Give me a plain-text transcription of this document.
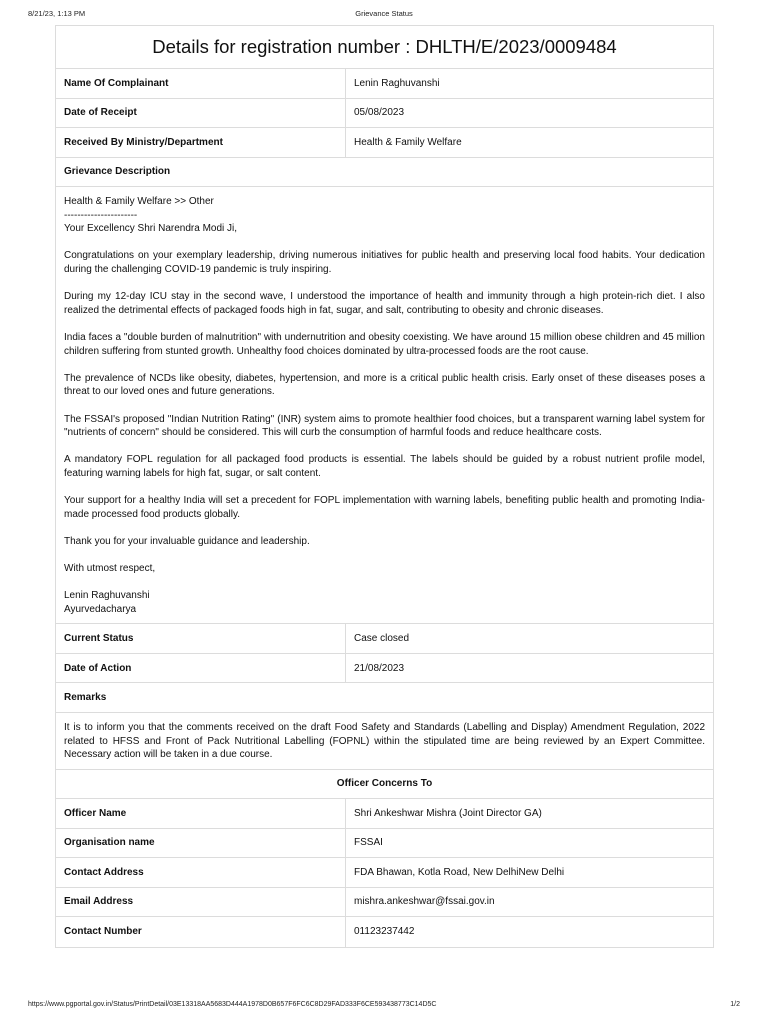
8/21/23, 1:13 PM	Grievance Status
Details for registration number : DHLTH/E/2023/0009484
Name Of Complainant	Lenin Raghuvanshi
Date of Receipt	05/08/2023
Received By Ministry/Department	Health & Family Welfare
Grievance Description

Health & Family Welfare >> Other

----------------------

Your Excellency Shri Narendra Modi Ji,

Congratulations on your exemplary leadership, driving numerous initiatives for public health and preserving local food habits. Your dedication during the challenging COVID-19 pandemic is truly inspiring.

During my 12-day ICU stay in the second wave, I understood the importance of health and immunity through a high protein-rich diet. I also realized the detrimental effects of packaged foods high in fat, sugar, and salt, contributing to obesity and chronic diseases.

India faces a "double burden of malnutrition" with undernutrition and obesity coexisting. We have around 15 million obese children and 45 million children suffering from stunted growth. Unhealthy food choices dominated by ultra-processed foods are the root cause.

The prevalence of NCDs like obesity, diabetes, hypertension, and more is a critical public health crisis. Early onset of these diseases poses a threat to our loved ones and future generations.

The FSSAI's proposed "Indian Nutrition Rating" (INR) system aims to promote healthier food choices, but a transparent warning label system for "nutrients of concern" should be considered. This will curb the consumption of harmful foods and reduce healthcare costs.

A mandatory FOPL regulation for all packaged food products is essential. The labels should be guided by a robust nutrient profile model, featuring warning labels for high fat, sugar, or salt content.

Your support for a healthy India will set a precedent for FOPL implementation with warning labels, benefiting public health and promoting India-made processed food products globally.

Thank you for your invaluable guidance and leadership.

With utmost respect,

Lenin Raghuvanshi

Ayurvedacharya

Current Status	Case closed
Date of Action	21/08/2023
Remarks
It is to inform you that the comments received on the draft Food Safety and Standards (Labelling and Display) Amendment Regulation, 2022 related to HFSS and Front of Pack Nutritional Labelling (FOPNL) within the stipulated time are being reviewed by an Expert Committee. Necessary action will be taken in a due course.
Officer Concerns To
Officer Name	Shri Ankeshwar Mishra (Joint Director GA)
Organisation name	FSSAI
Contact Address	FDA Bhawan, Kotla Road, New DelhiNew Delhi
Email Address	mishra.ankeshwar@fssai.gov.in
Contact Number	01123237442
https://www.pgportal.gov.in/Status/PrintDetail/03E13318AA5683D444A1978D0B657F6FC6C8D29FAD333F6CE593438773C14D5C	1/2
